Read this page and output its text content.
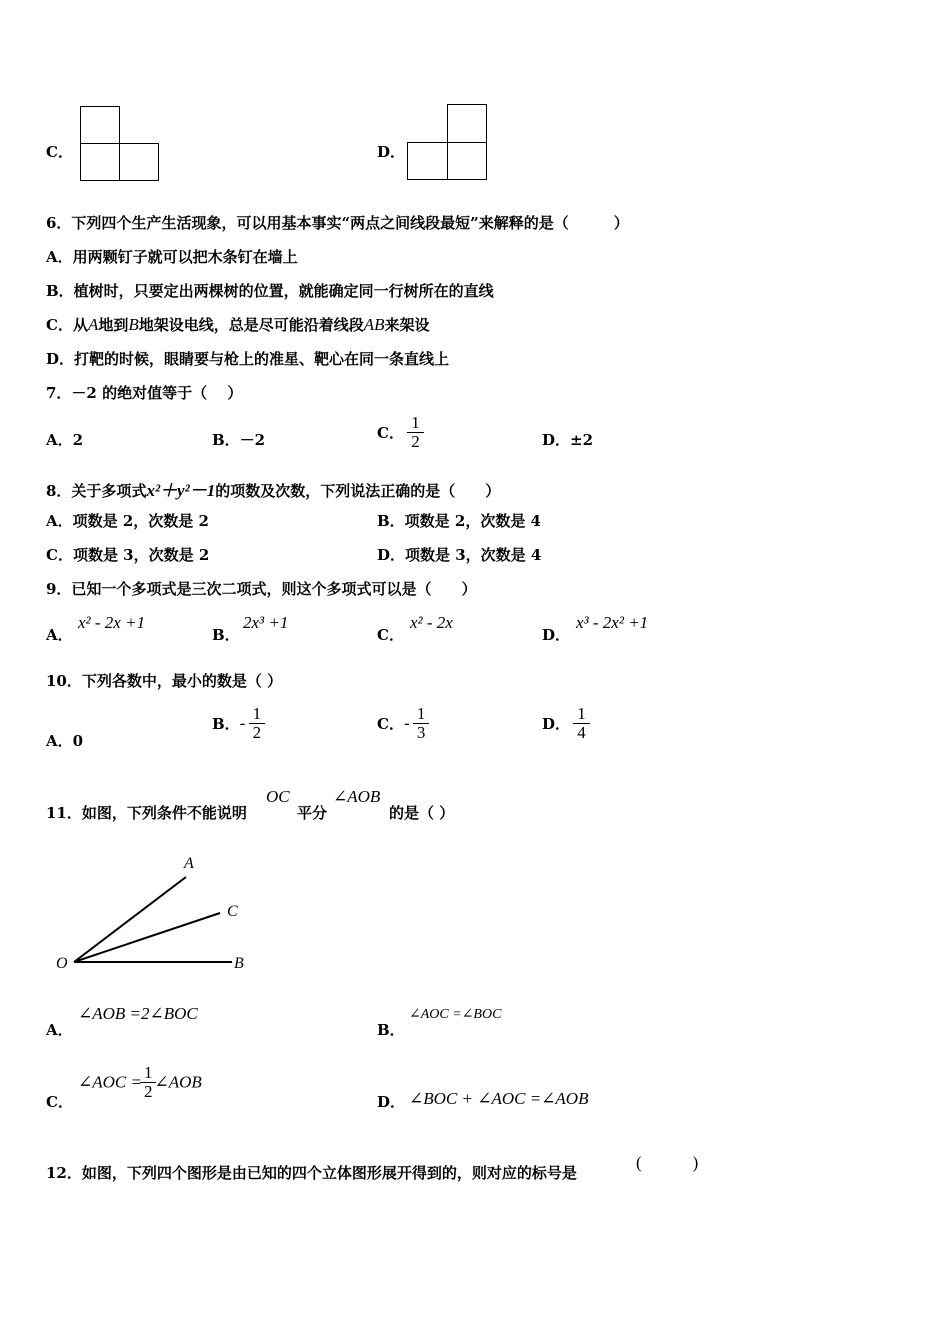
C．	D．
6．下列四个生产生活现象，可以用基本事实“两点之间线段最短”来解释的是（　　　）
A．用两颗钉子就可以把木条钉在墙上
B．植树时，只要定出两棵树的位置，就能确定同一行树所在的直线
C．从A地到B地架设电线，总是尽可能沿着线段AB来架设
D．打靶的时候，眼睛要与枪上的准星、靶心在同一条直线上
7．－2 的绝对值等于（　 ）
A．2	B．－2	C． $\frac{1}{2}$	D．±2
8．关于多项式x²＋y²－1的项数及次数，下列说法正确的是（　　）
A．项数是 2，次数是 2	B．项数是 2，次数是 4
C．项数是 3，次数是 2	D．项数是 3，次数是 4
9．已知一个多项式是三次二项式，则这个多项式可以是（　　）
A．
x² - 2x +1
B．
2x³ +1
C．
x² - 2x
D．
x³ - 2x² +1
10．下列各数中，最小的数是（ ）
A．0
B．- $\frac{1}{2}$	C．- $\frac{1}{3}$	D． $\frac{1}{4}$
11．如图，下列条件不能说明
OC
平分
∠AOB
的是（ ）
A
C
O	B
A．
∠AOB =2∠BOC
B．
∠AOC =∠BOC
C．
∠AOC = $\frac{1}{2}$ ∠AOB
D． ∠BOC + ∠AOC =∠AOB
12．如图，下列四个图形是由已知的四个立体图形展开得到的，则对应的标号是
(　　　)
